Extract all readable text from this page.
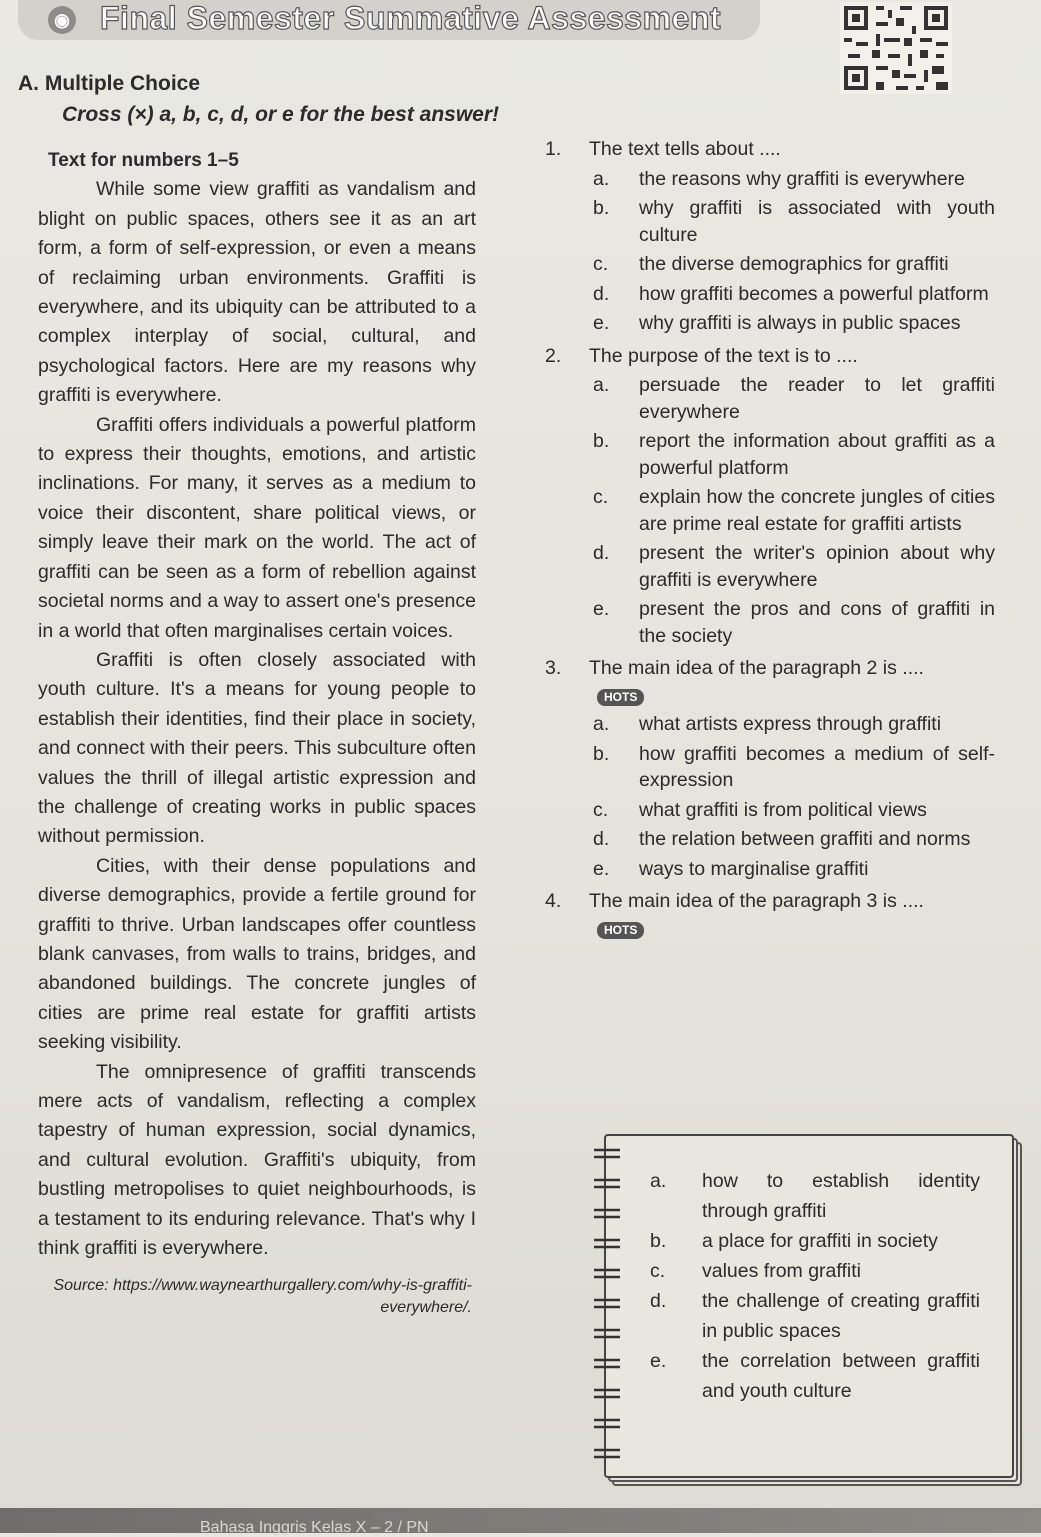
◉ Final Semester Summative Assessment
A. Multiple Choice
Cross (×) a, b, c, d, or e for the best answer!
Text for numbers 1–5

While some view graffiti as vandalism and blight on public spaces, others see it as an art form, a form of self-expression, or even a means of reclaiming urban environments. Graffiti is everywhere, and its ubiquity can be attributed to a complex interplay of social, cultural, and psychological factors. Here are my reasons why graffiti is everywhere.

Graffiti offers individuals a powerful platform to express their thoughts, emotions, and artistic inclinations. For many, it serves as a medium to voice their discontent, share political views, or simply leave their mark on the world. The act of graffiti can be seen as a form of rebellion against societal norms and a way to assert one's presence in a world that often marginalises certain voices.

Graffiti is often closely associated with youth culture. It's a means for young people to establish their identities, find their place in society, and connect with their peers. This subculture often values the thrill of illegal artistic expression and the challenge of creating works in public spaces without permission.

Cities, with their dense populations and diverse demographics, provide a fertile ground for graffiti to thrive. Urban landscapes offer countless blank canvases, from walls to trains, bridges, and abandoned buildings. The concrete jungles of cities are prime real estate for graffiti artists seeking visibility.

The omnipresence of graffiti transcends mere acts of vandalism, reflecting a complex tapestry of human expression, social dynamics, and cultural evolution. Graffiti's ubiquity, from bustling metropolises to quiet neighbourhoods, is a testament to its enduring relevance. That's why I think graffiti is everywhere.

Source: https://www.waynearthurgallery.com/why-is-graffiti-everywhere/.
1.	The text tells about ....
a.	the reasons why graffiti is everywhere
b.	why graffiti is associated with youth culture
c.	the diverse demographics for graffiti
d.	how graffiti becomes a powerful platform
e.	why graffiti is always in public spaces
2.	The purpose of the text is to ....
a.	persuade the reader to let graffiti everywhere
b.	report the information about graffiti as a powerful platform
c.	explain how the concrete jungles of cities are prime real estate for graffiti artists
d.	present the writer's opinion about why graffiti is everywhere
e.	present the pros and cons of graffiti in the society
3.	The main idea of the paragraph 2 is ....
HOTS
a.	what artists express through graffiti
b.	how graffiti becomes a medium of self-expression
c.	what graffiti is from political views
d.	the relation between graffiti and norms
e.	ways to marginalise graffiti
4.	The main idea of the paragraph 3 is ....
HOTS
a.	how to establish identity through graffiti
b.	a place for graffiti in society
c.	values from graffiti
d.	the challenge of creating graffiti in public spaces
e.	the correlation between graffiti and youth culture
Bahasa Inggris Kelas X – 2 / PN
